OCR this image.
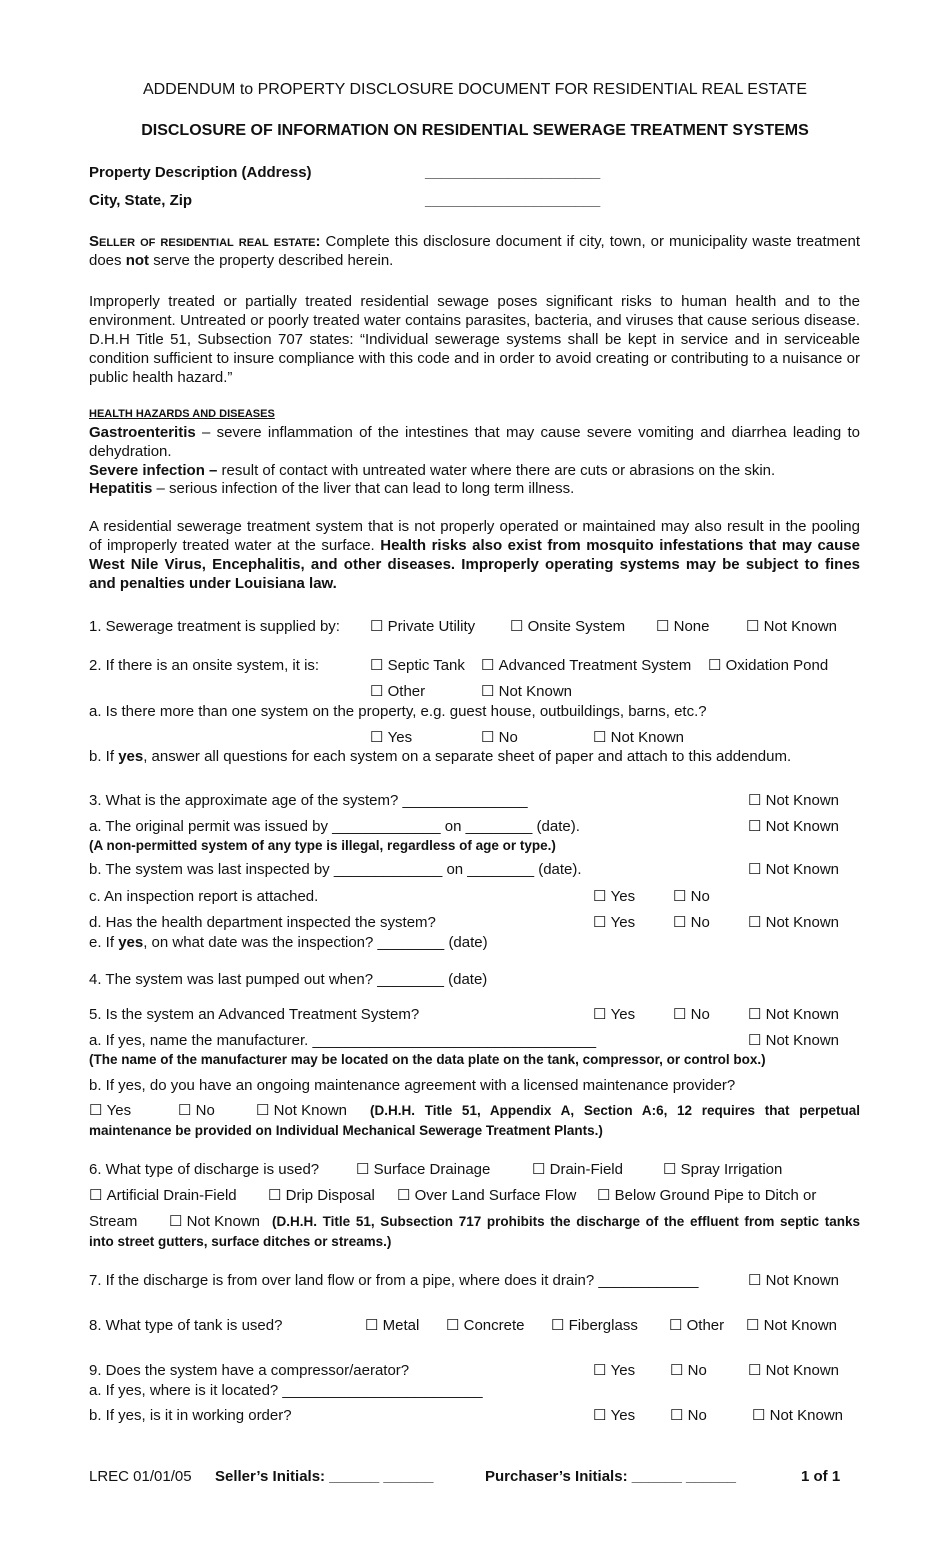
ADDENDUM to PROPERTY DISCLOSURE DOCUMENT FOR RESIDENTIAL REAL ESTATE
DISCLOSURE OF INFORMATION ON RESIDENTIAL SEWERAGE TREATMENT SYSTEMS
Property Description (Address)	_____________________
City, State, Zip	_____________________
Seller of residential real estate: Complete this disclosure document if city, town, or municipality waste treatment does not serve the property described herein.
Improperly treated or partially treated residential sewage poses significant risks to human health and to the environment. Untreated or poorly treated water contains parasites, bacteria, and viruses that cause serious disease. D.H.H Title 51, Subsection 707 states: “Individual sewerage systems shall be kept in service and in serviceable condition sufficient to insure compliance with this code and in order to avoid creating or contributing to a nuisance or public health hazard.”
HEALTH HAZARDS AND DISEASES
Gastroenteritis – severe inflammation of the intestines that may cause severe vomiting and diarrhea leading to dehydration.
Severe infection – result of contact with untreated water where there are cuts or abrasions on the skin.
Hepatitis – serious infection of the liver that can lead to long term illness.
A residential sewerage treatment system that is not properly operated or maintained may also result in the pooling of improperly treated water at the surface. Health risks also exist from mosquito infestations that may cause West Nile Virus, Encephalitis, and other diseases. Improperly operating systems may be subject to fines and penalties under Louisiana law.
1. Sewerage treatment is supplied by:	☐ Private Utility	☐ Onsite System	☐ None	☐ Not Known
2. If there is an onsite system, it is:	☐ Septic Tank	☐ Advanced Treatment System	☐ Oxidation Pond
☐ Other	☐ Not Known
a. Is there more than one system on the property, e.g. guest house, outbuildings, barns, etc.?
☐ Yes	☐ No	☐ Not Known
b. If yes, answer all questions for each system on a separate sheet of paper and attach to this addendum.
3. What is the approximate age of the system? _______________	☐ Not Known
a. The original permit was issued by _____________ on ________ (date).	☐ Not Known
(A non-permitted system of any type is illegal, regardless of age or type.)
b. The system was last inspected by _____________ on ________ (date).	☐ Not Known
c. An inspection report is attached.	☐ Yes	☐ No
d. Has the health department inspected the system?	☐ Yes	☐ No	☐ Not Known
e. If yes, on what date was the inspection? ________ (date)
4. The system was last pumped out when? ________ (date)
5. Is the system an Advanced Treatment System?	☐ Yes	☐ No	☐ Not Known
a. If yes, name the manufacturer. __________________________________	☐ Not Known
(The name of the manufacturer may be located on the data plate on the tank, compressor, or control box.)
b. If yes, do you have an ongoing maintenance agreement with a licensed maintenance provider?
☐ Yes	☐ No	☐ Not Known	(D.H.H. Title 51, Appendix A, Section A:6, 12 requires that perpetual maintenance be provided on Individual Mechanical Sewerage Treatment Plants.)
6. What type of discharge is used?	☐ Surface Drainage	☐ Drain-Field	☐ Spray Irrigation
☐ Artificial Drain-Field	☐ Drip Disposal	☐ Over Land Surface Flow	☐ Below Ground Pipe to Ditch or
Stream	☐ Not Known (D.H.H. Title 51, Subsection 717 prohibits the discharge of the effluent from septic tanks into street gutters, surface ditches or streams.)
7. If the discharge is from over land flow or from a pipe, where does it drain? ____________	☐ Not Known
8. What type of tank is used?	☐ Metal	☐ Concrete	☐ Fiberglass	☐ Other	☐ Not Known
9. Does the system have a compressor/aerator?	☐ Yes	☐ No	☐ Not Known
a. If yes, where is it located? ________________________
b. If yes, is it in working order?	☐ Yes	☐ No	☐ Not Known
LREC 01/01/05 Seller’s Initials: ______ ______	Purchaser’s Initials: ______ ______	1 of 1
